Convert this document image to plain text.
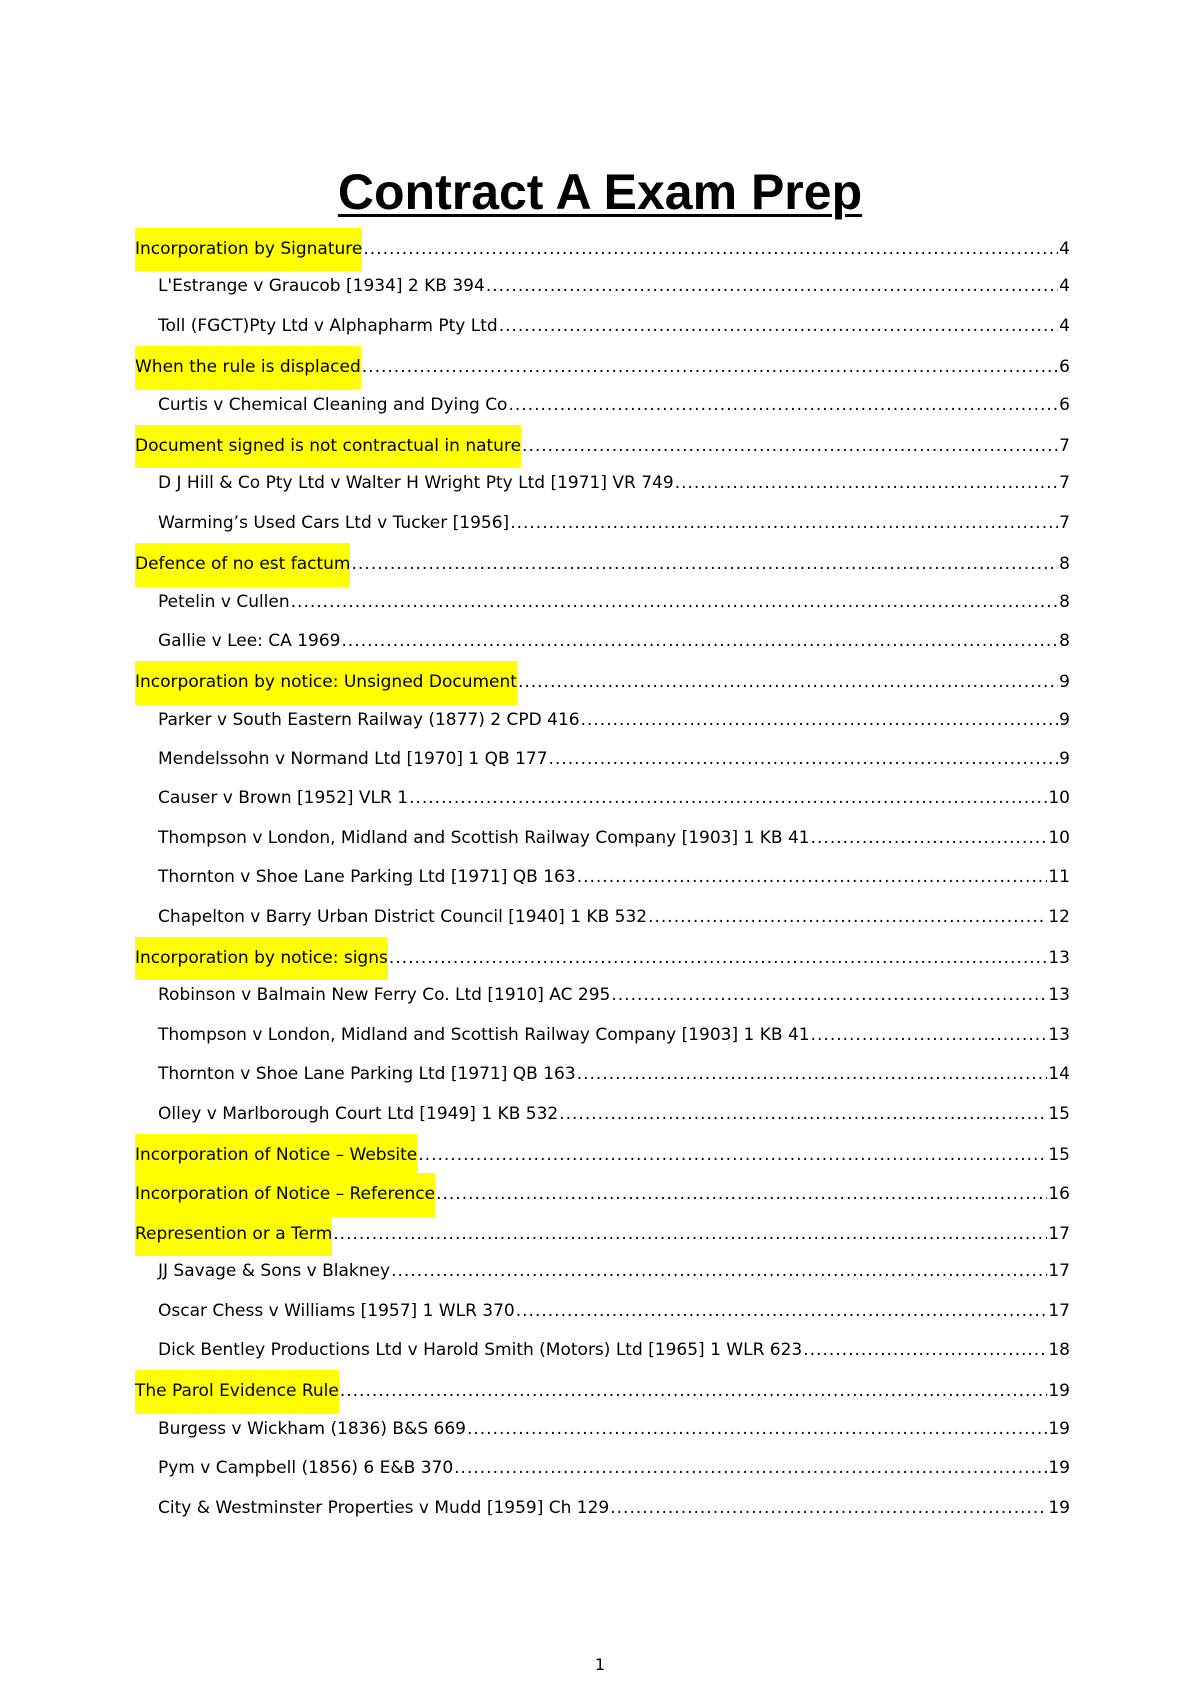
Contract A Exam Prep
Incorporation by Signature .....	4
L'Estrange v Graucob [1934] 2 KB 394 .....	4
Toll (FGCT)Pty Ltd v Alphapharm Pty Ltd .....	4
When the rule is displaced .....	6
Curtis v Chemical Cleaning and Dying Co .....	6
Document signed is not contractual in nature .....	7
D J Hill & Co Pty Ltd v Walter H Wright Pty Ltd [1971] VR 749 .....	7
Warming’s Used Cars Ltd v Tucker [1956] .....	7
Defence of no est factum .....	8
Petelin v Cullen .....	8
Gallie v Lee: CA 1969 .....	8
Incorporation by notice: Unsigned Document .....	9
Parker v South Eastern Railway (1877) 2 CPD 416 .....	9
Mendelssohn v Normand Ltd [1970] 1 QB 177 .....	9
Causer v Brown [1952] VLR 1 .....	10
Thompson v London, Midland and Scottish Railway Company [1903] 1 KB 41 .....	10
Thornton v Shoe Lane Parking Ltd [1971] QB 163 .....	11
Chapelton v Barry Urban District Council [1940] 1 KB 532 .....	12
Incorporation by notice: signs .....	13
Robinson v Balmain New Ferry Co. Ltd [1910] AC 295 .....	13
Thompson v London, Midland and Scottish Railway Company [1903] 1 KB 41 .....	13
Thornton v Shoe Lane Parking Ltd [1971] QB 163 .....	14
Olley v Marlborough Court Ltd [1949] 1 KB 532 .....	15
Incorporation of Notice – Website .....	15
Incorporation of Notice – Reference .....	16
Represention or a Term .....	17
JJ Savage & Sons v Blakney .....	17
Oscar Chess v Williams [1957] 1 WLR 370 .....	17
Dick Bentley Productions Ltd v Harold Smith (Motors) Ltd [1965] 1 WLR 623 .....	18
The Parol Evidence Rule .....	19
Burgess v Wickham (1836) B&S 669 .....	19
Pym v Campbell (1856) 6 E&B 370 .....	19
City & Westminster Properties v Mudd [1959] Ch 129 .....	19
1
